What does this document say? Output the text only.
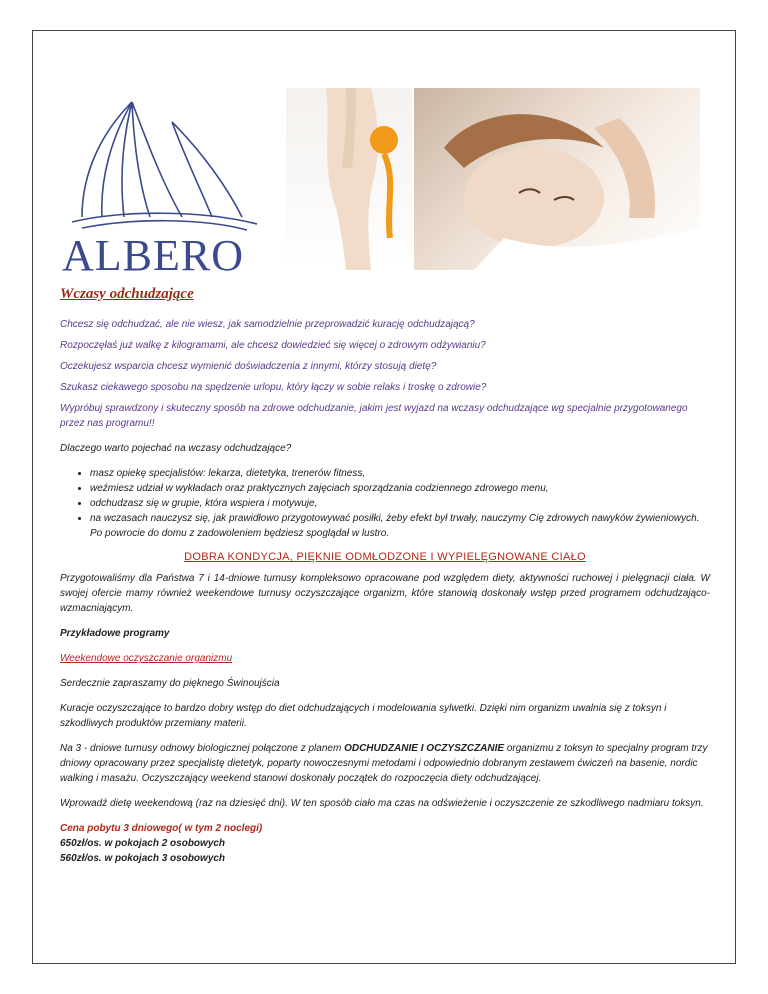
ALBERO
Wczasy odchudzające

Chcesz się odchudzać, ale nie wiesz, jak samodzielnie przeprowadzić kurację odchudzającą?

Rozpoczęłaś już walkę z kilogramami, ale chcesz dowiedzieć się więcej o zdrowym odżywianiu?

Oczekujesz wsparcia chcesz wymienić doświadczenia z innymi, którzy stosują dietę?

Szukasz ciekawego sposobu na spędzenie urlopu, który łączy w sobie relaks i troskę o zdrowie?

Wypróbuj sprawdzony i skuteczny sposób na zdrowe odchudzanie, jakim jest wyjazd na wczasy odchudzające wg specjalnie przygotowanego przez nas programu!!

Dlaczego warto pojechać na wczasy odchudzające?

• masz opiekę specjalistów: lekarza, dietetyka, trenerów fitness,
• weźmiesz udział w wykładach oraz praktycznych zajęciach sporządzania codziennego zdrowego menu,
• odchudzasz się w grupie, która wspiera i motywuje,
• na wczasach nauczysz się, jak prawidłowo przygotowywać posiłki, żeby efekt był trwały, nauczymy Cię zdrowych nawyków żywieniowych. Po powrocie do domu z zadowoleniem będziesz spoglądał w lustro.
DOBRA KONDYCJA, PIĘKNIE ODMŁODZONE I WYPIELĘGNOWANE CIAŁO

Przygotowaliśmy dla Państwa 7 i 14-dniowe turnusy kompleksowo opracowane pod względem diety, aktywności ruchowej i pielęgnacji ciała. W swojej ofercie mamy również weekendowe turnusy oczyszczające organizm, które stanowią doskonały wstęp przed programem odchudzająco-wzmacniającym.

Przykładowe programy

Weekendowe oczyszczanie organizmu

Serdecznie zapraszamy do pięknego Świnoujścia

Kuracje oczyszczające to bardzo dobry wstęp do diet odchudzających i modelowania sylwetki. Dzięki nim organizm uwalnia się z toksyn i szkodliwych produktów przemiany materii.

Na 3 - dniowe turnusy odnowy biologicznej połączone z planem ODCHUDZANIE I OCZYSZCZANIE organizmu z toksyn to specjalny program trzy dniowy opracowany przez specjalistę dietetyk, poparty nowoczesnymi metodami i odpowiednio dobranym zestawem ćwiczeń na basenie, nordic walking i masażu. Oczyszczający weekend stanowi doskonały początek do rozpoczęcia diety odchudzającej.

Wprowadź dietę weekendową (raz na dziesięć dni). W ten sposób ciało ma czas na odświeżenie i oczyszczenie ze szkodliwego nadmiaru toksyn.

Cena pobytu 3 dniowego( w tym 2 noclegi)

650zł/os. w pokojach 2 osobowych

560zł/os. w pokojach 3 osobowych
